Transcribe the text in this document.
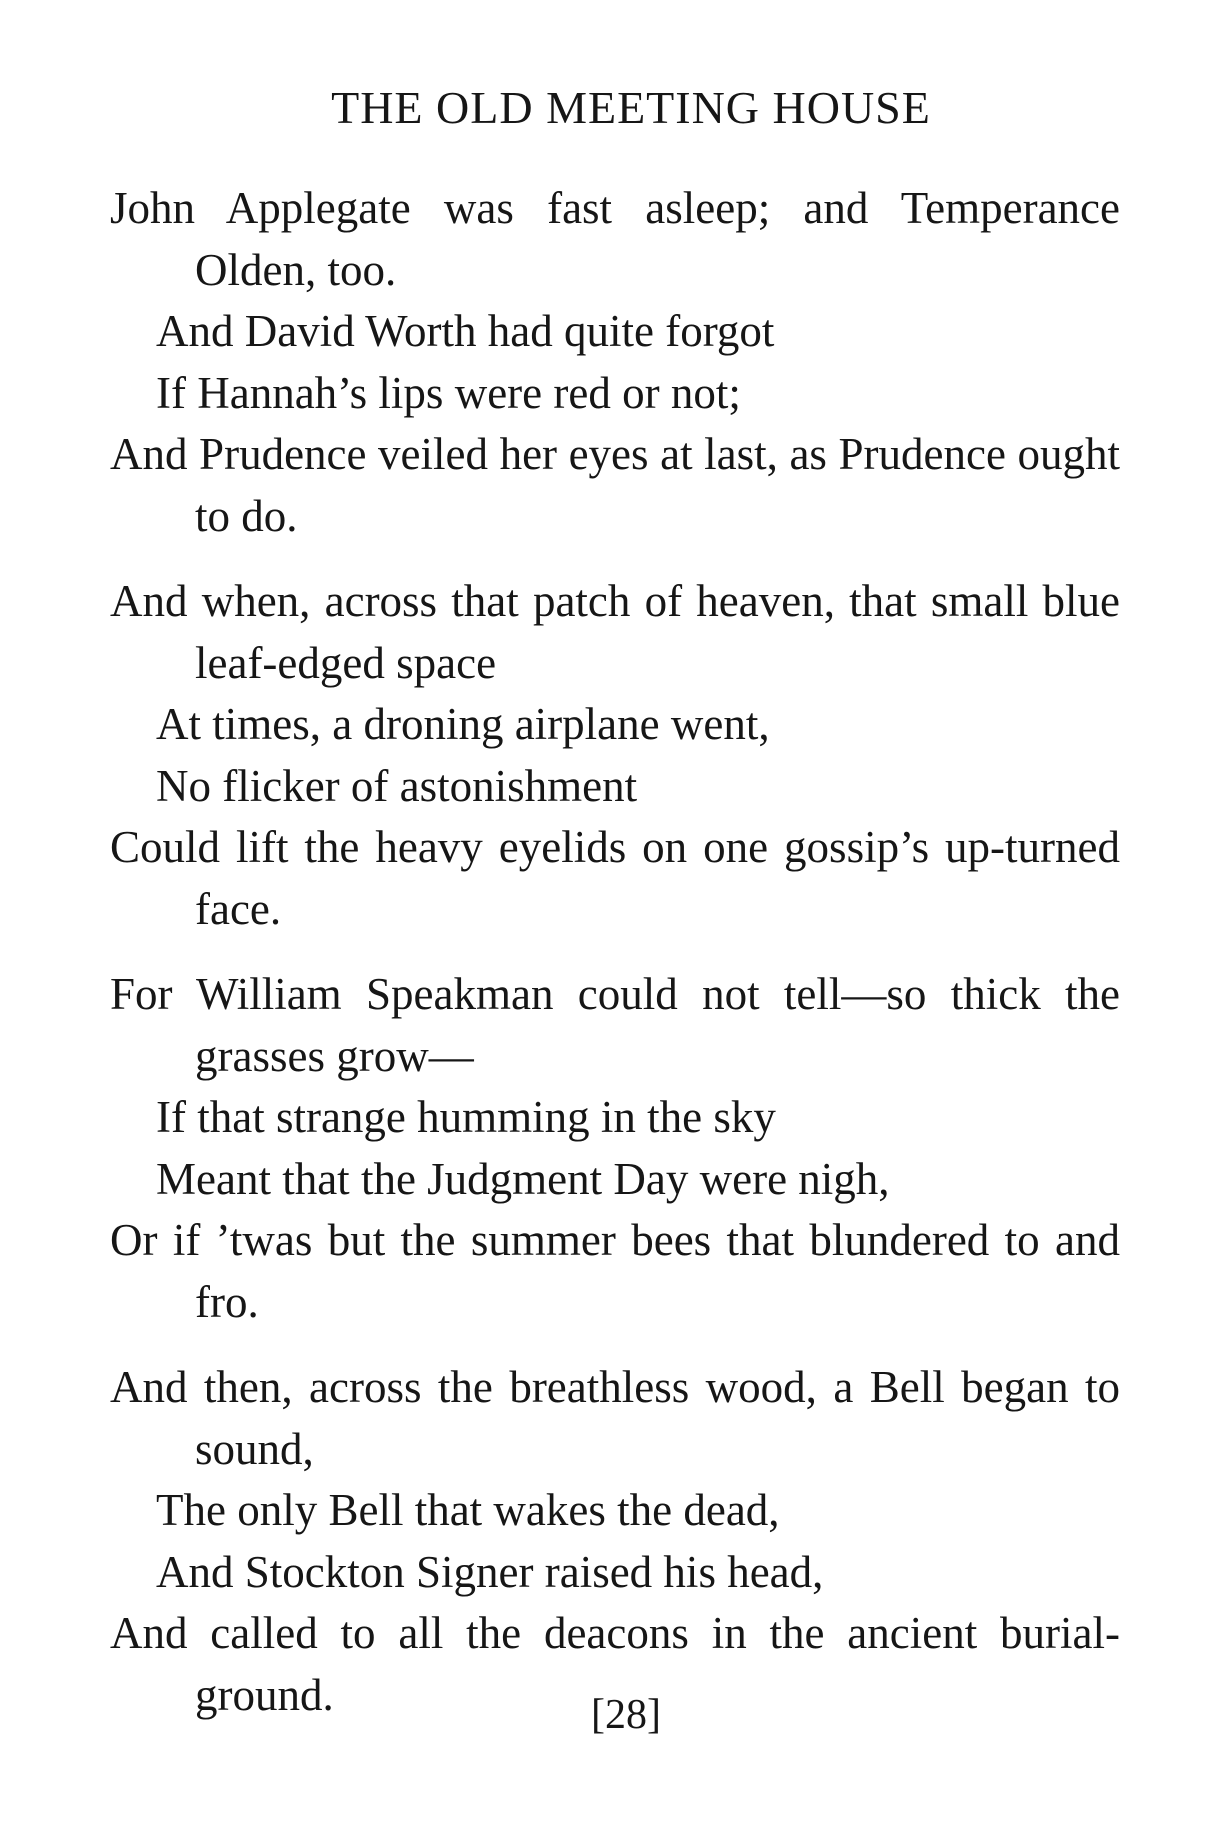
THE OLD MEETING HOUSE
John Applegate was fast asleep; and Temperance Olden, too.
And David Worth had quite forgot
If Hannah’s lips were red or not;
And Prudence veiled her eyes at last, as Prudence ought to do.
And when, across that patch of heaven, that small blue leaf-edged space
At times, a droning airplane went,
No flicker of astonishment
Could lift the heavy eyelids on one gossip’s up-turned face.
For William Speakman could not tell—so thick the grasses grow—
If that strange humming in the sky
Meant that the Judgment Day were nigh,
Or if ’twas but the summer bees that blundered to and fro.
And then, across the breathless wood, a Bell began to sound,
The only Bell that wakes the dead,
And Stockton Signer raised his head,
And called to all the deacons in the ancient burial-ground.	[28]
